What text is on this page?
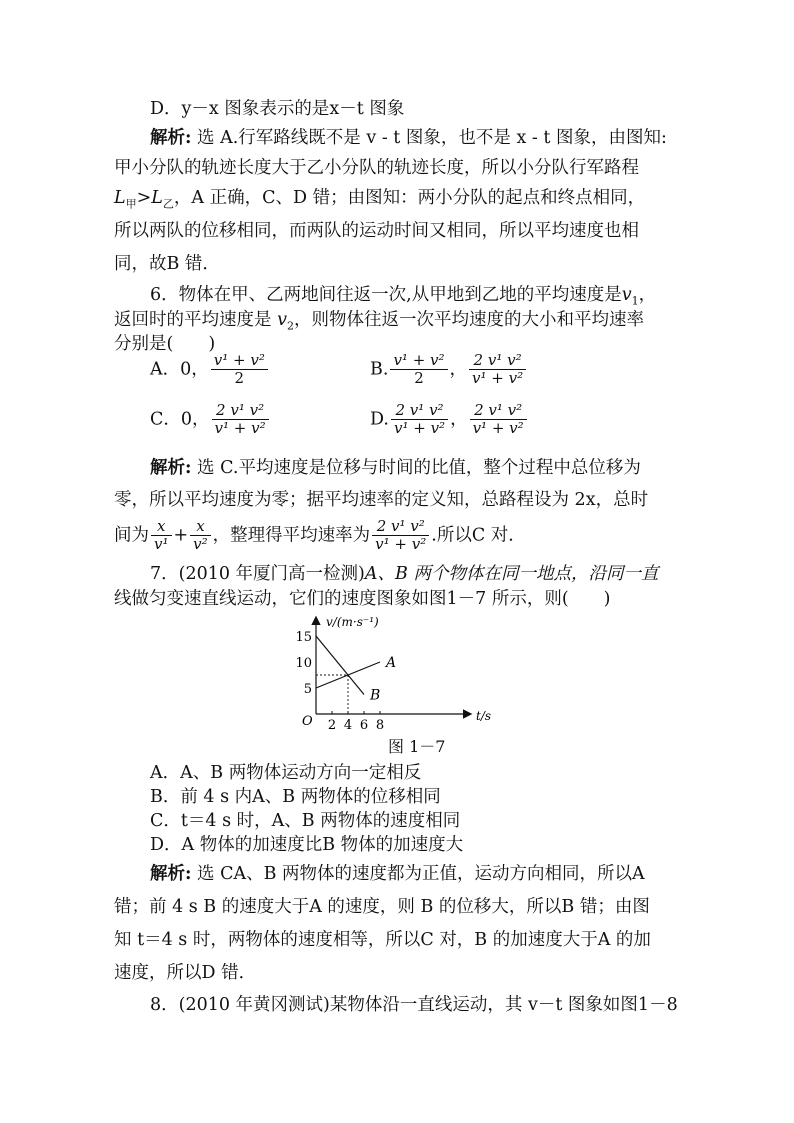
D．y－x 图象表示的是x－t 图象
解析: 选 A.行军路线既不是 v - t 图象，也不是 x - t 图象，由图知:
甲小分队的轨迹长度大于乙小分队的轨迹长度，所以小分队行军路程
$L_甲>L_乙$，A 正确，C、D 错；由图知：两小分队的起点和终点相同，
所以两队的位移相同，而两队的运动时间又相同，所以平均速度也相
同，故B 错．
6．物体在甲、乙两地间往返一次,从甲地到乙地的平均速度是$v_1$，
返回时的平均速度是 $v_2$，则物体往返一次平均速度的大小和平均速率
分别是(　　)
A．0， $\frac{\text{v¹ + v²}}{2}$	B. $\frac{\text{v¹ + v²}}{2}$ ， $\frac{\text{2 v¹ v²}}{\text{v¹ + v²}}$
C．0， $\frac{\text{2 v¹ v²}}{\text{v¹ + v²}}$	D. $\frac{\text{2 v¹ v²}}{\text{v¹ + v²}}$ ， $\frac{\text{2 v¹ v²}}{\text{v¹ + v²}}$
解析: 选 C.平均速度是位移与时间的比值，整个过程中总位移为
零，所以平均速度为零；据平均速率的定义知，总路程设为 2x，总时
间为 $\frac{x}{\text{v¹}} + \frac{x}{\text{v²}}$ ，整理得平均速率为 $\frac{\text{2 v¹ v²}}{\text{v¹ + v²}}$ .所以C 对．
7．(2010 年厦门高一检测)A、B 两个物体在同一地点，沿同一直
线做匀变速直线运动，它们的速度图象如图1－7 所示，则(　　)
v/(m·s⁻¹)
t/s
O 2 4 6 8
5
10
15
A
B
图 1－7
A．A、B 两物体运动方向一定相反
B．前 4 s 内A、B 两物体的位移相同
C．t＝4 s 时，A、B 两物体的速度相同
D．A 物体的加速度比B 物体的加速度大
解析: 选 CA、B 两物体的速度都为正值，运动方向相同，所以A
错；前 4 s B 的速度大于A 的速度，则 B 的位移大，所以B 错；由图
知 t＝4 s 时，两物体的速度相等，所以C 对，B 的加速度大于A 的加
速度，所以D 错．
8．(2010 年黄冈测试)某物体沿一直线运动，其 v－t 图象如图1－8
